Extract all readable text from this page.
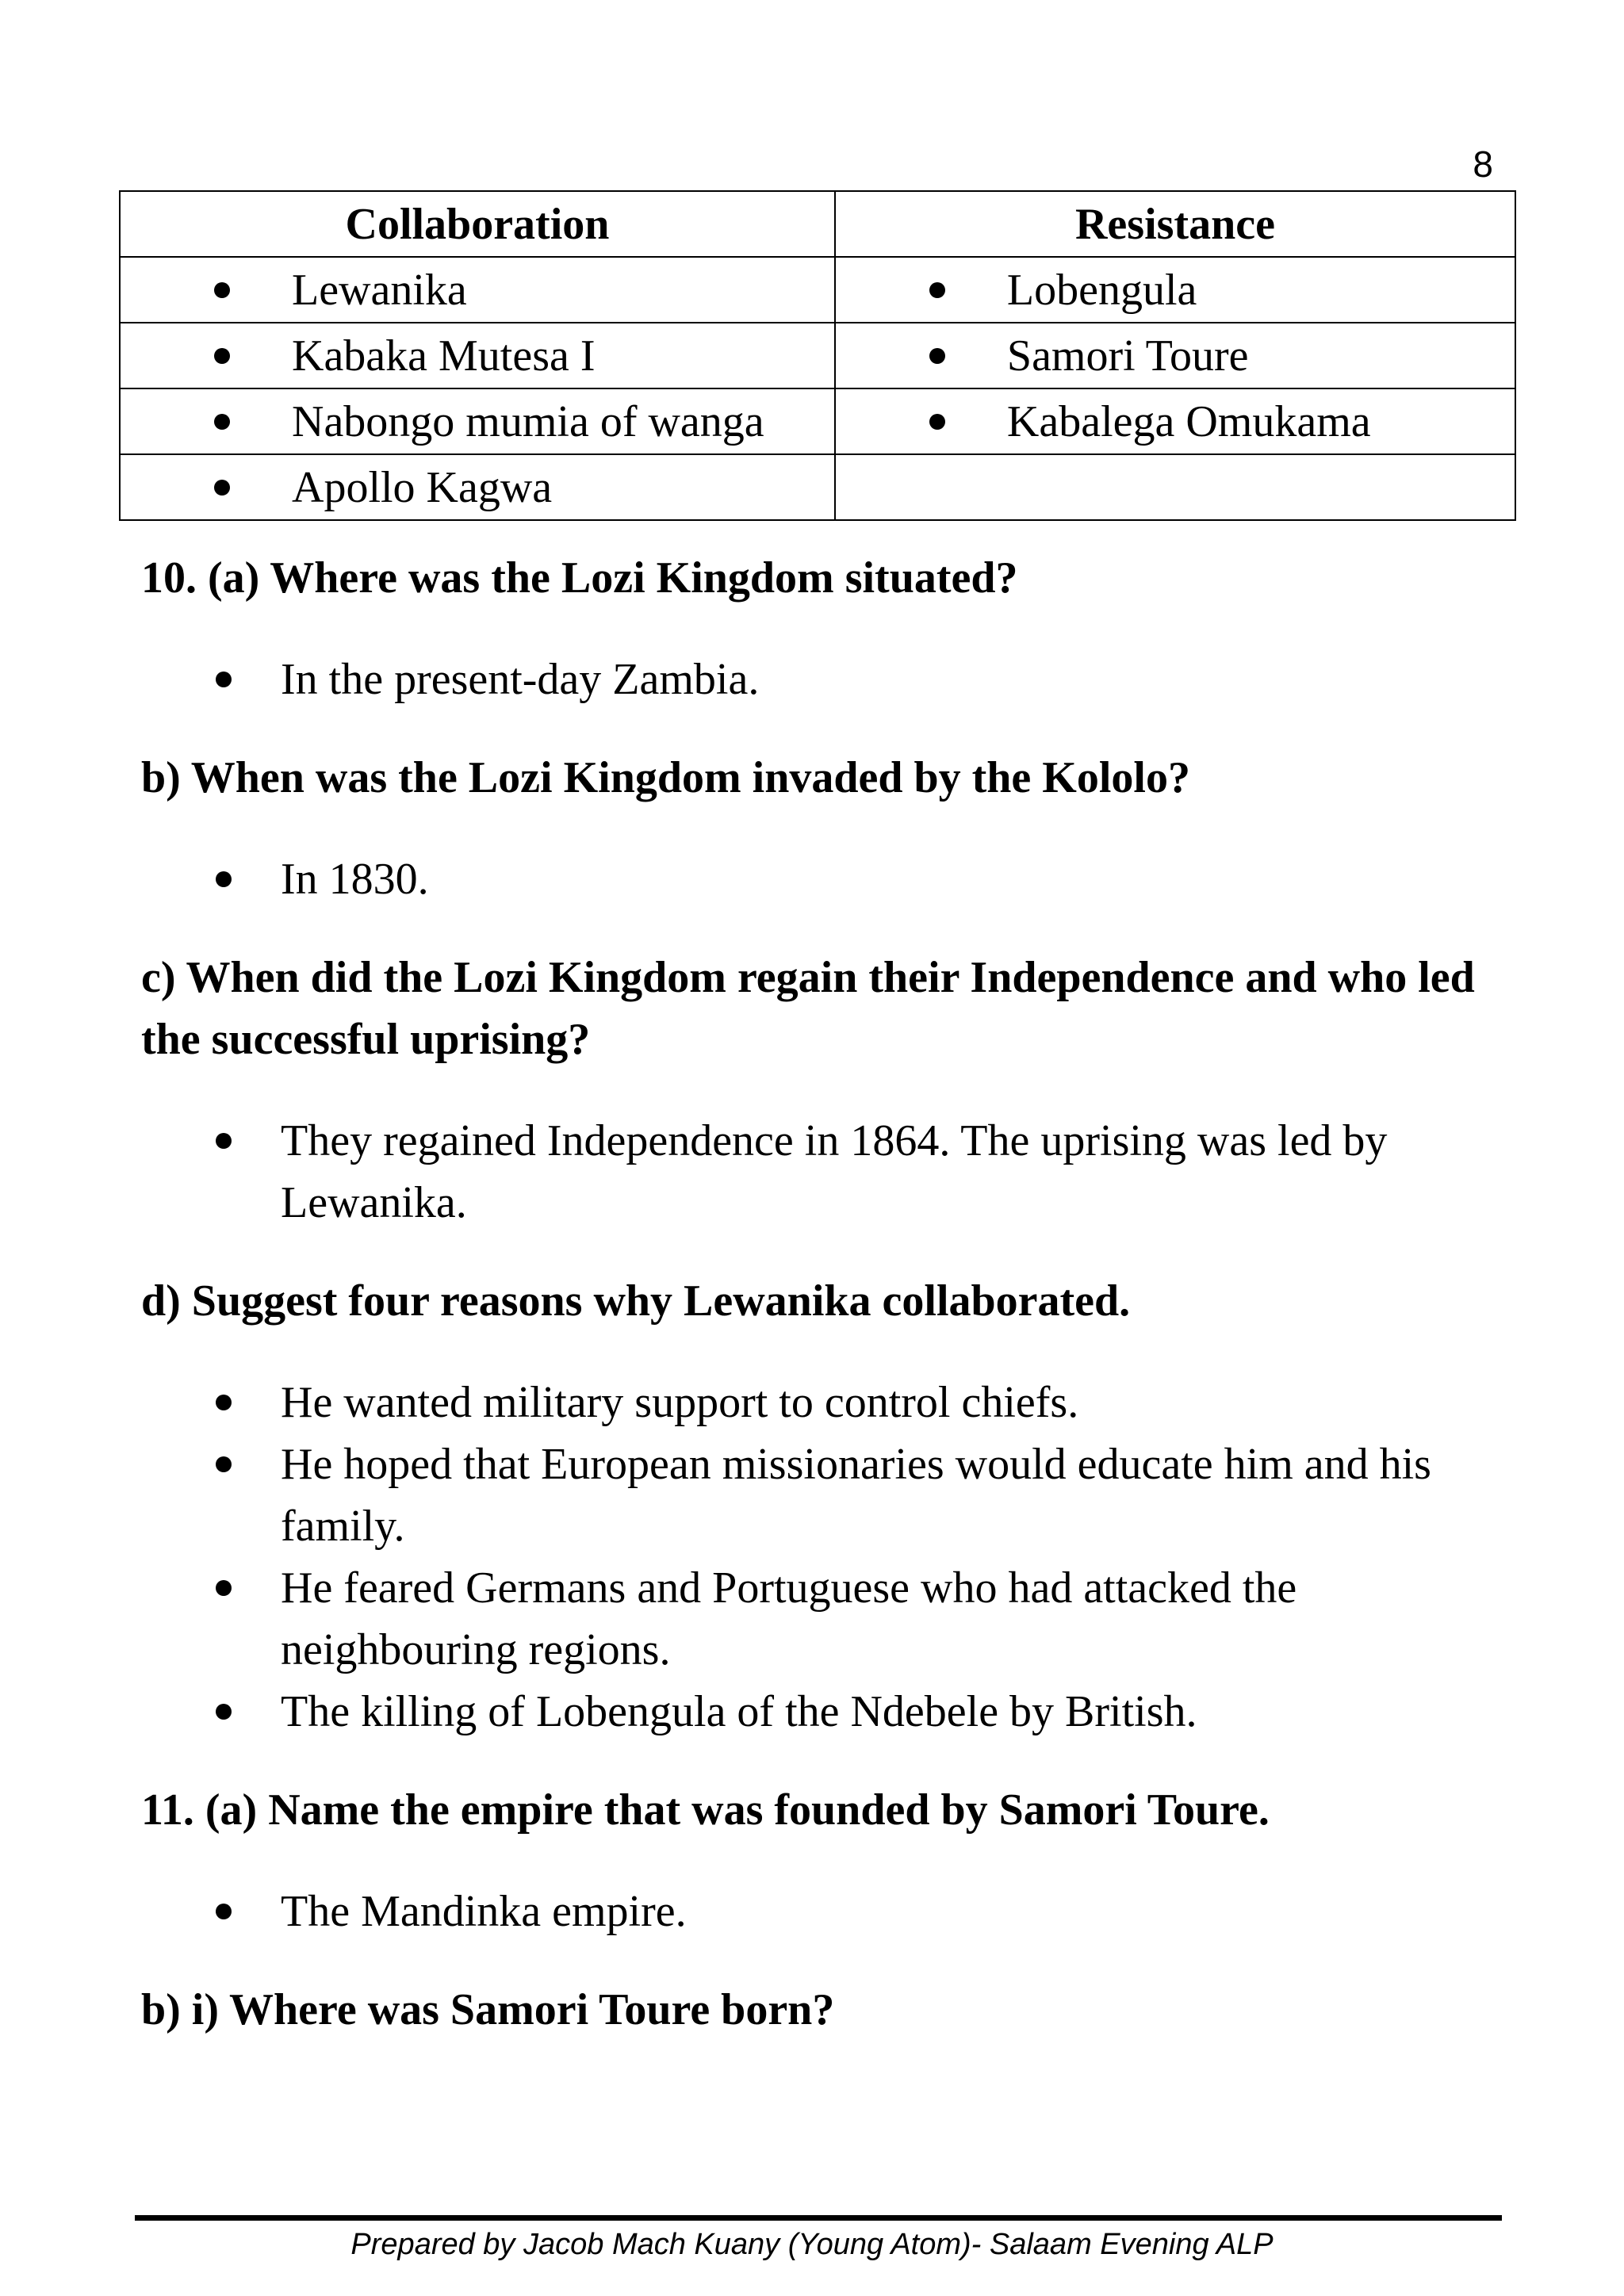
8
Collaboration	Resistance

Lewanika	Lobengula

Kabaka Mutesa I	Samori Toure

Nabongo mumia of wanga	Kabalega Omukama

Apollo Kagwa	

10. (a) Where was the Lozi Kingdom situated?

In the present-day Zambia.

b) When was the Lozi Kingdom invaded by the Kololo?

In 1830.

c) When did the Lozi Kingdom regain their Independence and who led the successful uprising?

They regained Independence in 1864. The uprising was led by Lewanika.

d) Suggest four reasons why Lewanika collaborated.

He wanted military support to control chiefs.
He hoped that European missionaries would educate him and his family.
He feared Germans and Portuguese who had attacked the neighbouring regions.
The killing of Lobengula of the Ndebele by British.

11. (a) Name the empire that was founded by Samori Toure.

The Mandinka empire.

b) i) Where was Samori Toure born?

Prepared by Jacob Mach Kuany (Young Atom)- Salaam Evening ALP
